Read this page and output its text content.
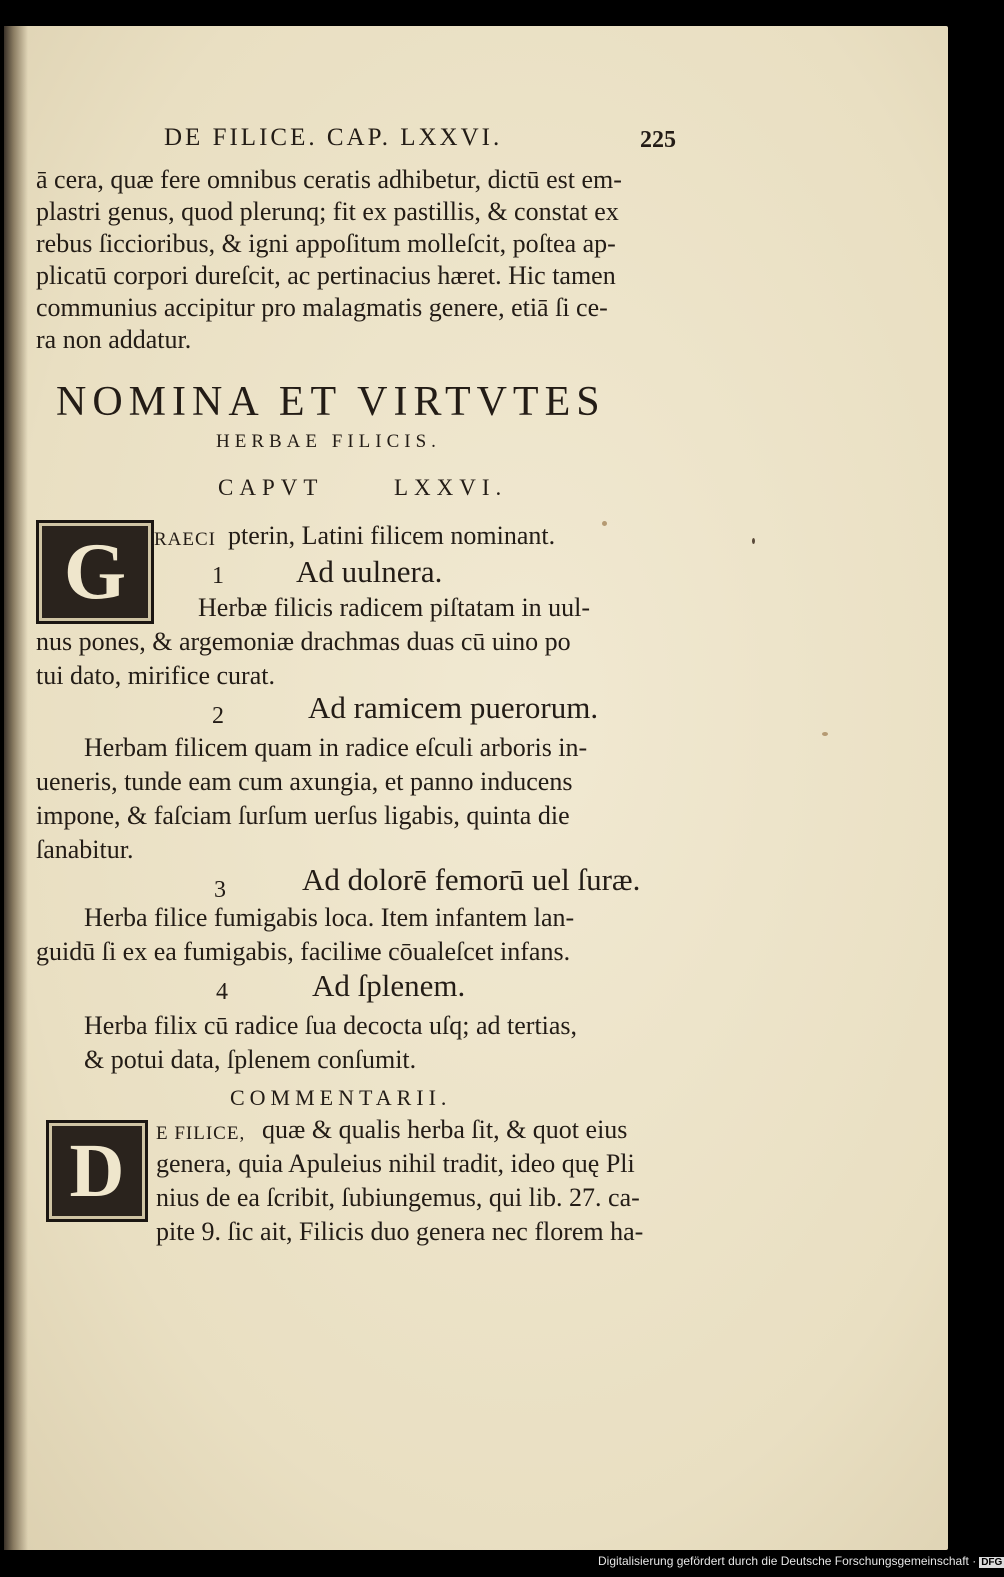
DE FILICE. CAP. LXXVI.	225
ā cera, quæ fere omnibus ceratis adhibetur, dictū est em-
plastri genus, quod plerunq; fit ex pastillis, & constat ex
rebus ſiccioribus, & igni appoſitum molleſcit, poſtea ap-
plicatū corpori dureſcit, ac pertinacius hæret. Hic tamen
communius accipitur pro malagmatis genere, etiā ſi ce-
ra non addatur.
NOMINA ET VIRTVTES
HERBAE FILICIS.
CAPVT	LXXVI.
G	RAECI pterin, Latini filicem nominant.
1 Ad uulnera.
Herbæ filicis radicem piſtatam in uul-
nus pones, & argemoniæ drachmas duas cū uino po
tui dato, mirifice curat.
2	Ad ramicem puerorum.
Herbam filicem quam in radice eſculi arboris in-
ueneris, tunde eam cum axungia, et panno inducens
impone, & faſciam ſurſum uerſus ligabis, quinta die
ſanabitur.
3 Ad dolorē femorū uel ſuræ.
Herba filice fumigabis loca. Item infantem lan-
guidū ſi ex ea fumigabis, faciliме cōualeſcet infans.
4	Ad ſplenem.
Herba filix cū radice ſua decocta uſq; ad tertias,
& potui data, ſplenem conſumit.
COMMENTARII.
D	E FILICE, quæ & qualis herba ſit, & quot eius
genera, quia Apuleius nihil tradit, ideo quę Pli
nius de ea ſcribit, ſubiungemus, qui lib. 27. ca-
pite 9. ſic ait, Filicis duo genera nec florem ha-
Digitalisierung gefördert durch die Deutsche Forschungsgemeinschaft · DFG
